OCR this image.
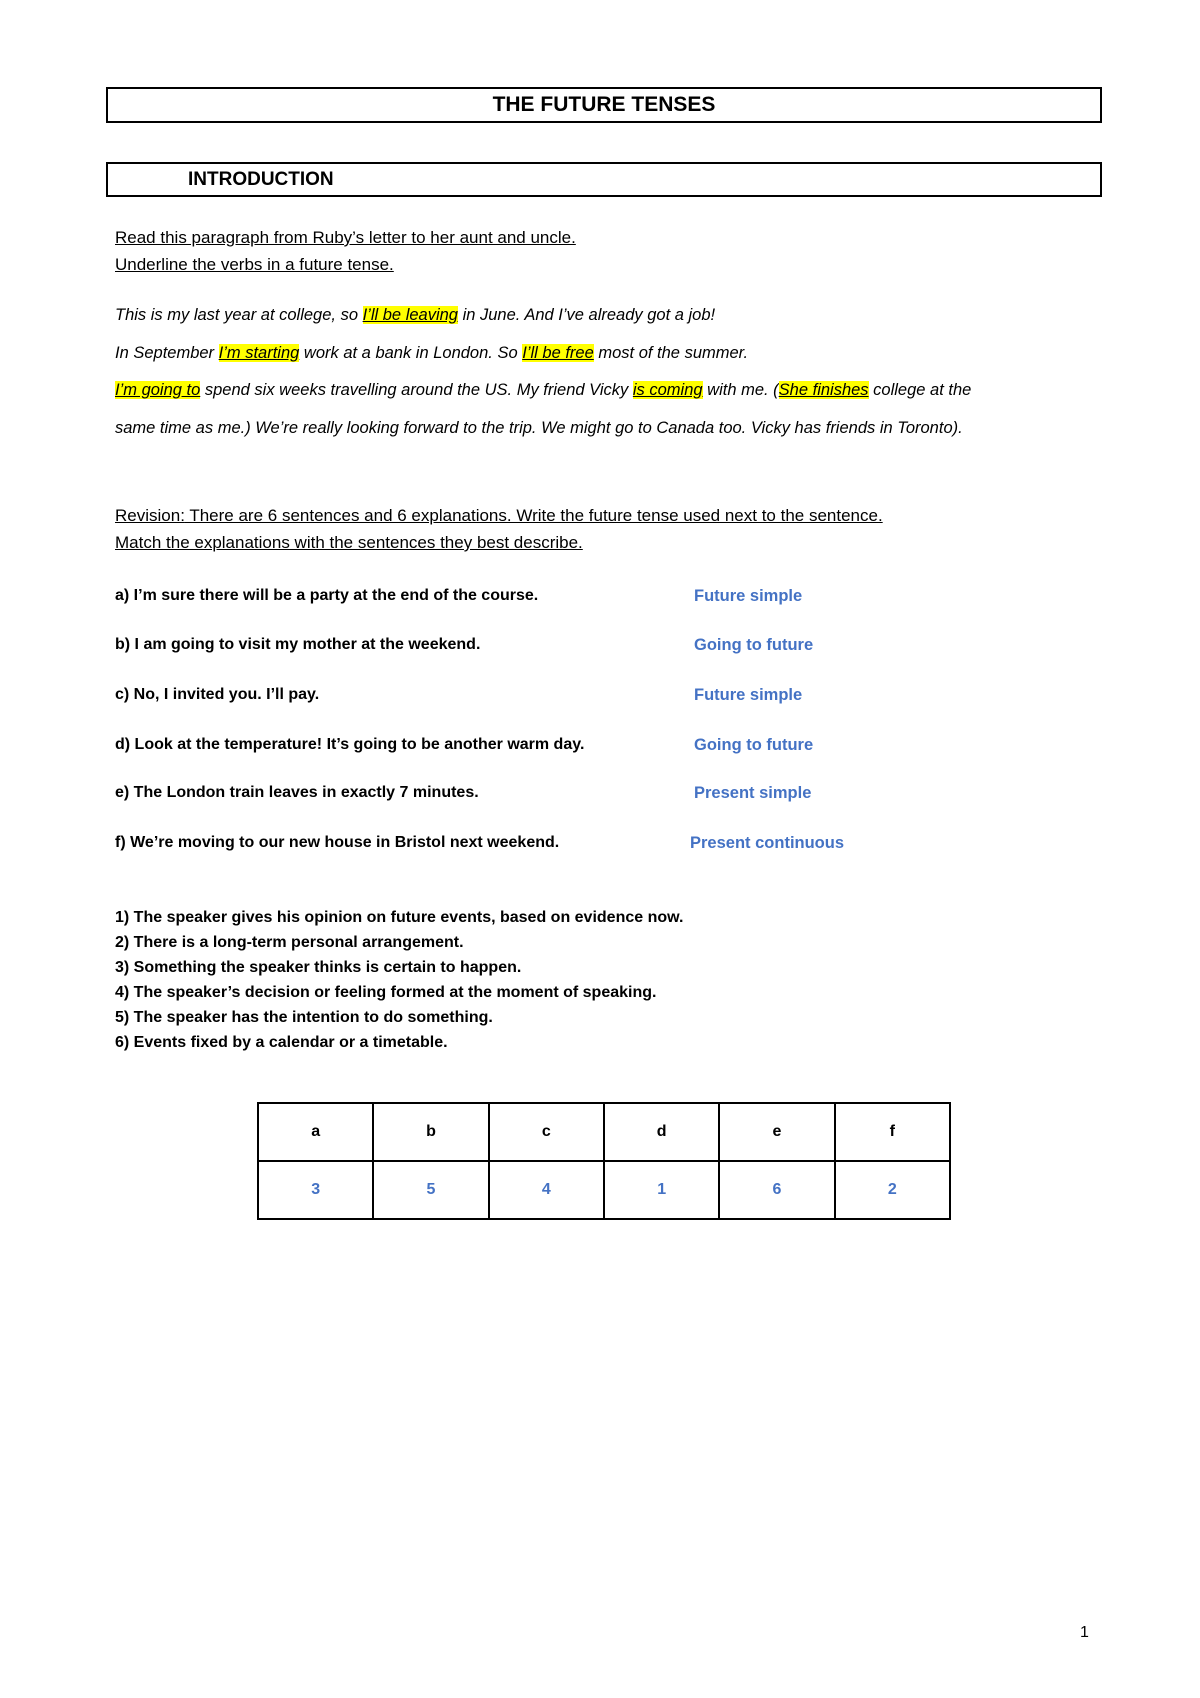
THE FUTURE TENSES
INTRODUCTION
Read this paragraph from Ruby’s letter to her aunt and uncle.
Underline the verbs in a future tense.
This is my last year at college, so I’ll be leaving in June. And I’ve already got a job!
In September I’m starting work at a bank in London. So I’ll be free most of the summer.
I’m going to spend six weeks travelling around the US. My friend Vicky is coming with me. (She finishes college at the
same time as me.) We’re really looking forward to the trip. We might go to Canada too. Vicky has friends in Toronto).
Revision: There are 6 sentences and 6 explanations. Write the future tense used next to the sentence.
Match the explanations with the sentences they best describe.
a) I’m sure there will be a party at the end of the course.	Future simple
b) I am going to visit my mother at the weekend.	Going to future
c) No, I invited you. I’ll pay.	Future simple
d) Look at the temperature! It’s going to be another warm day.	Going to future
e) The London train leaves in exactly 7 minutes.	Present simple
f) We’re moving to our new house in Bristol next weekend.	Present continuous
1) The speaker gives his opinion on future events, based on evidence now.
2) There is a long-term personal arrangement.
3) Something the speaker thinks is certain to happen.
4) The speaker’s decision or feeling formed at the moment of speaking.
5) The speaker has the intention to do something.
6) Events fixed by a calendar or a timetable.
a	b	c	d	e	f
3	5	4	1	6	2
1
